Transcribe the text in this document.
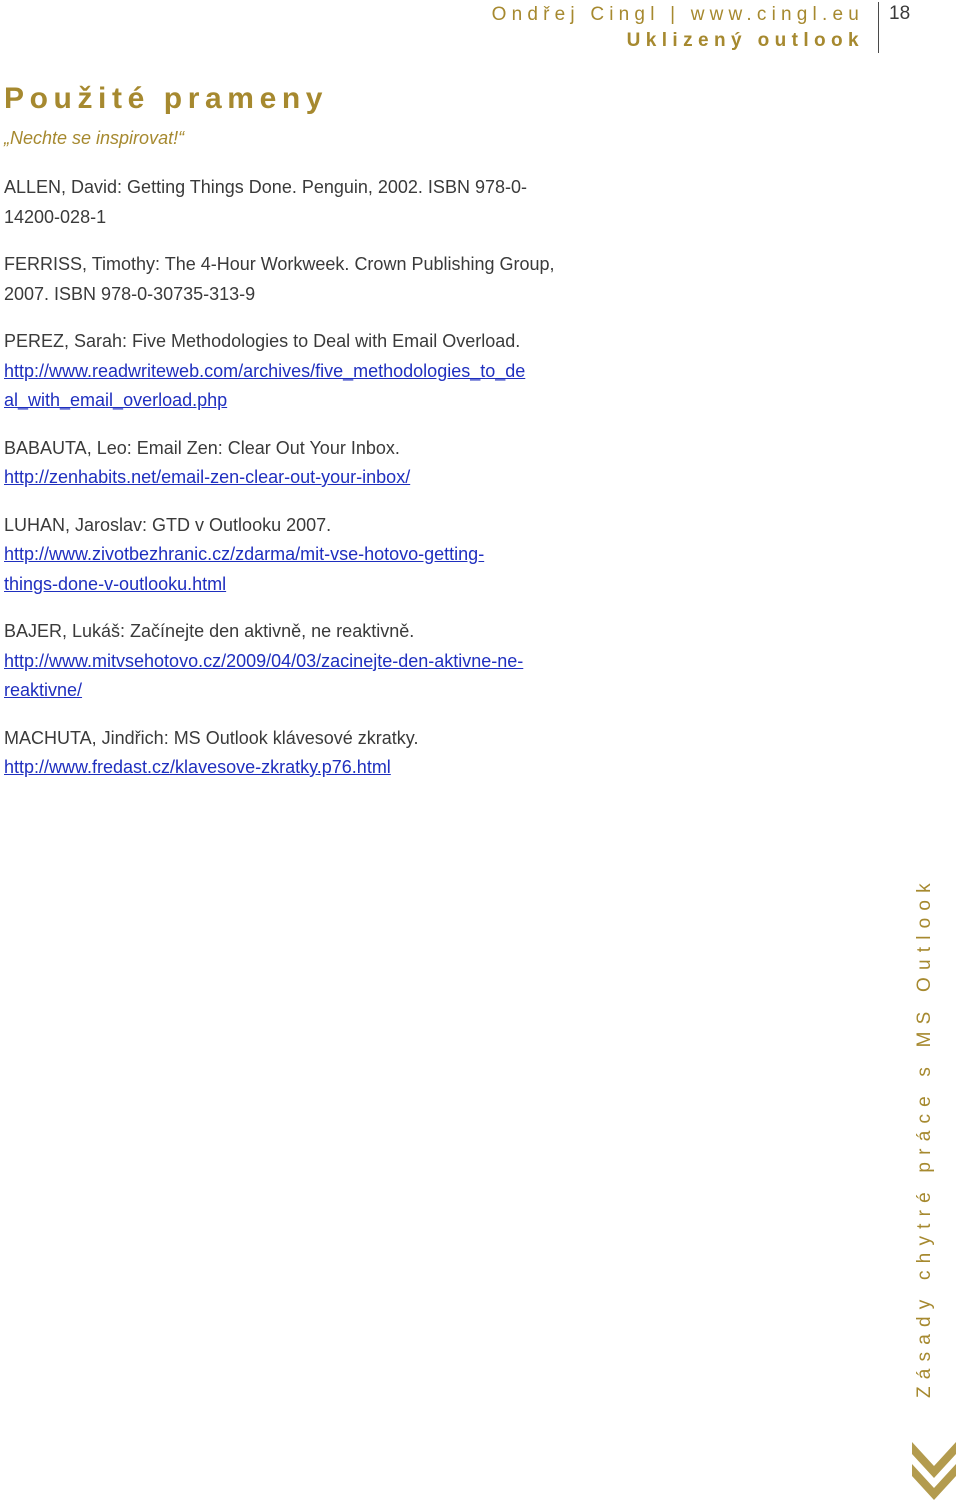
Ondřej Cingl | www.cingl.eu
Uklizený outlook
18
Použité prameny
„Nechte se inspirovat!“

ALLEN, David: Getting Things Done. Penguin, 2002. ISBN 978-0-
14200-028-1

FERRISS, Timothy: The 4-Hour Workweek. Crown Publishing Group,
2007. ISBN 978-0-30735-313-9

PEREZ, Sarah: Five Methodologies to Deal with Email Overload.
http://www.readwriteweb.com/archives/five_methodologies_to_de
al_with_email_overload.php

BABAUTA, Leo: Email Zen: Clear Out Your Inbox.
http://zenhabits.net/email-zen-clear-out-your-inbox/

LUHAN, Jaroslav: GTD v Outlooku 2007.
http://www.zivotbezhranic.cz/zdarma/mit-vse-hotovo-getting-
things-done-v-outlooku.html

BAJER, Lukáš: Začínejte den aktivně, ne reaktivně.
http://www.mitvsehotovo.cz/2009/04/03/zacinejte-den-aktivne-ne-
reaktivne/

MACHUTA, Jindřich: MS Outlook klávesové zkratky.
http://www.fredast.cz/klavesove-zkratky.p76.html

Zásady chytré práce s MS Outlook
